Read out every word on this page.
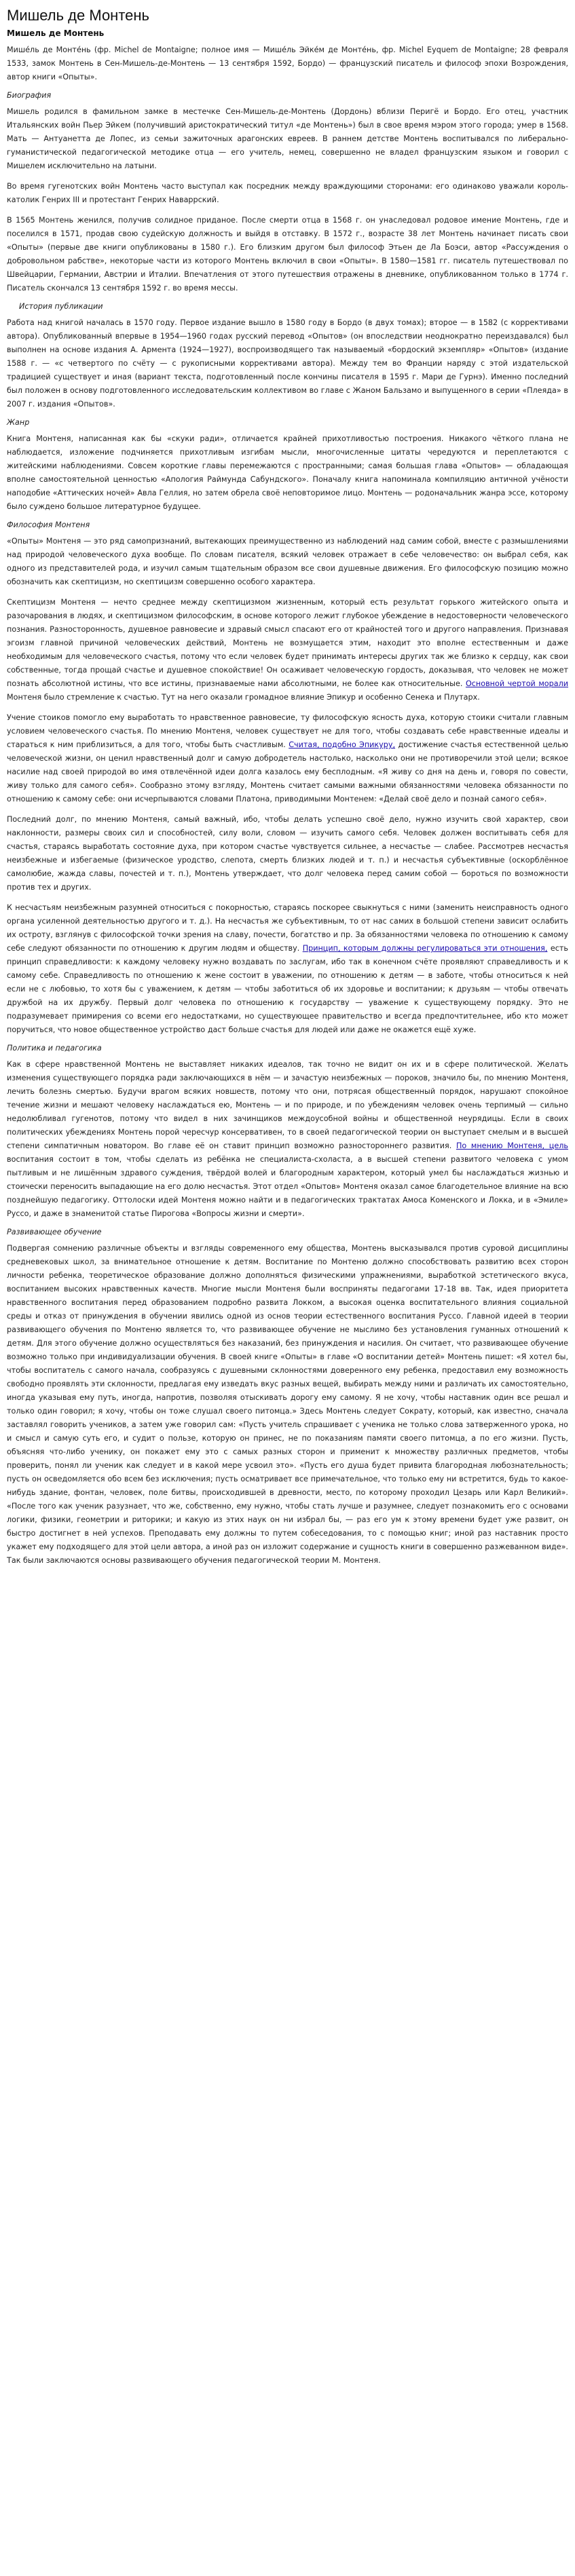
Мишель де Монтень
Мишель де Монтень

Мише́ль де Монте́нь (фр. Michel de Montaigne; полное имя — Мише́ль Эйке́м де Монте́нь, фр. Michel Eyquem de Montaigne; 28 февраля 1533, замок Монтень в Сен-Мишель-де-Монтень — 13 сентября 1592, Бордо) — французский писатель и философ эпохи Возрождения, автор книги «Опыты».

Биография

Мишель родился в фамильном замке в местечке Сен-Мишель-де-Монтень (Дордонь) вблизи Перигё и Бордо. Его отец, участник Итальянских войн Пьер Эйкем (получивший аристократический титул «де Монтень») был в свое время мэром этого города; умер в 1568. Мать — Антуанетта де Лопес, из семьи зажиточных арагонских евреев. В раннем детстве Монтень воспитывался по либерально-гуманистической педагогической методике отца — его учитель, немец, совершенно не владел французским языком и говорил с Мишелем исключительно на латыни.

Во время гугенотских войн Монтень часто выступал как посредник между враждующими сторонами: его одинаково уважали король-католик Генрих III и протестант Генрих Наваррский.

В 1565 Монтень женился, получив солидное приданое. После смерти отца в 1568 г. он унаследовал родовое имение Монтень, где и поселился в 1571, продав свою судейскую должность и выйдя в отставку. В 1572 г., возрасте 38 лет Монтень начинает писать свои «Опыты» (первые две книги опубликованы в 1580 г.). Его близким другом был философ Этьен де Ла Боэси, автор «Рассуждения о добровольном рабстве», некоторые части из которого Монтень включил в свои «Опыты». В 1580—1581 гг. писатель путешествовал по Швейцарии, Германии, Австрии и Италии. Впечатления от этого путешествия отражены в дневнике, опубликованном только в 1774 г. Писатель скончался 13 сентября 1592 г. во время мессы.

История публикации

Работа над книгой началась в 1570 году. Первое издание вышло в 1580 году в Бордо (в двух томах); второе — в 1582 (с коррективами автора). Опубликованный впервые в 1954—1960 годах русский перевод «Опытов» (он впоследствии неоднократно переиздавался) был выполнен на основе издания А. Армента (1924—1927), воспроизводящего так называемый «бордоский экземпляр» «Опытов» (издание 1588 г. — «с четвертого по счёту — с рукописными коррективами автора). Между тем во Франции наряду с этой издательской традицией существует и иная (вариант текста, подготовленный после кончины писателя в 1595 г. Мари де Гурнэ). Именно последний был положен в основу подготовленного исследовательским коллективом во главе с Жаном Бальзамо и выпущенного в серии «Плеяда» в 2007 г. издания «Опытов».

Жанр

Книга Монтеня, написанная как бы «скуки ради», отличается крайней прихотливостью построения. Никакого чёткого плана не наблюдается, изложение подчиняется прихотливым изгибам мысли, многочисленные цитаты чередуются и переплетаются с житейскими наблюдениями. Совсем короткие главы перемежаются с пространными; самая большая глава «Опытов» — обладающая вполне самостоятельной ценностью «Апология Раймунда Сабундского». Поначалу книга напоминала компиляцию античной учёности наподобие «Аттических ночей» Авла Геллия, но затем обрела своё неповторимое лицо. Монтень — родоначальник жанра эссе, которому было суждено большое литературное будущее.

Философия Монтеня

«Опыты» Монтеня — это ряд самопризнаний, вытекающих преимущественно из наблюдений над самим собой, вместе с размышлениями над природой человеческого духа вообще. По словам писателя, всякий человек отражает в себе человечество: он выбрал себя, как одного из представителей рода, и изучил самым тщательным образом все свои душевные движения. Его философскую позицию можно обозначить как скептицизм, но скептицизм совершенно особого характера.

Скептицизм Монтеня — нечто среднее между скептицизмом жизненным, который есть результат горького житейского опыта и разочарования в людях, и скептицизмом философским, в основе которого лежит глубокое убеждение в недостоверности человеческого познания. Разносторонность, душевное равновесие и здравый смысл спасают его от крайностей того и другого направления. Признавая эгоизм главной причиной человеческих действий, Монтень не возмущается этим, находит это вполне естественным и даже необходимым для человеческого счастья, потому что если человек будет принимать интересы других так же близко к сердцу, как свои собственные, тогда прощай счастье и душевное спокойствие! Он осаживает человеческую гордость, доказывая, что человек не может познать абсолютной истины, что все истины, признаваемые нами абсолютными, не более как относительные. Основной чертой морали Монтеня было стремление к счастью. Тут на него оказали громадное влияние Эпикур и особенно Сенека и Плутарх.

Учение стоиков помогло ему выработать то нравственное равновесие, ту философскую ясность духа, которую стоики считали главным условием человеческого счастья. По мнению Монтеня, человек существует не для того, чтобы создавать себе нравственные идеалы и стараться к ним приблизиться, а для того, чтобы быть счастливым. Считая, подобно Эпикуру, достижение счастья естественной целью человеческой жизни, он ценил нравственный долг и самую добродетель настолько, насколько они не противоречили этой цели; всякое насилие над своей природой во имя отвлечённой идеи долга казалось ему бесплодным. «Я живу со дня на день и, говоря по совести, живу только для самого себя». Сообразно этому взгляду, Монтень считает самыми важными обязанностями человека обязанности по отношению к самому себе: они исчерпываются словами Платона, приводимыми Монтенем: «Делай своё дело и познай самого себя».

Последний долг, по мнению Монтеня, самый важный, ибо, чтобы делать успешно своё дело, нужно изучить свой характер, свои наклонности, размеры своих сил и способностей, силу воли, словом — изучить самого себя. Человек должен воспитывать себя для счастья, стараясь выработать состояние духа, при котором счастье чувствуется сильнее, а несчастье — слабее. Рассмотрев несчастья неизбежные и избегаемые (физическое уродство, слепота, смерть близких людей и т. п.) и несчастья субъективные (оскорблённое самолюбие, жажда славы, почестей и т. п.), Монтень утверждает, что долг человека перед самим собой — бороться по возможности против тех и других.

К несчастьям неизбежным разумней относиться с покорностью, стараясь поскорее свыкнуться с ними (заменить неисправность одного органа усиленной деятельностью другого и т. д.). На несчастья же субъективным, то от нас самих в большой степени зависит ослабить их остроту, взглянув с философской точки зрения на славу, почести, богатство и пр. За обязанностями человека по отношению к самому себе следуют обязанности по отношению к другим людям и обществу. Принцип, которым должны регулироваться эти отношения, есть принцип справедливости: к каждому человеку нужно воздавать по заслугам, ибо так в конечном счёте проявляют справедливость и к самому себе. Справедливость по отношению к жене состоит в уважении, по отношению к детям — в заботе, чтобы относиться к ней если не с любовью, то хотя бы с уважением, к детям — чтобы заботиться об их здоровье и воспитании; к друзьям — чтобы отвечать дружбой на их дружбу. Первый долг человека по отношению к государству — уважение к существующему порядку. Это не подразумевает примирения со всеми его недостатками, но существующее правительство и всегда предпочтительнее, ибо кто может поручиться, что новое общественное устройство даст больше счастья для людей или даже не окажется ещё хуже.

Политика и педагогика

Как в сфере нравственной Монтень не выставляет никаких идеалов, так точно не видит он их и в сфере политической. Желать изменения существующего порядка ради заключающихся в нём — и зачастую неизбежных — пороков, значило бы, по мнению Монтеня, лечить болезнь смертью. Будучи врагом всяких новшеств, потому что они, потрясая общественный порядок, нарушают спокойное течение жизни и мешают человеку наслаждаться ею, Монтень — и по природе, и по убеждениям человек очень терпимый — сильно недолюбливал гугенотов, потому что видел в них зачинщиков междоусобной войны и общественной неурядицы. Если в своих политических убеждениях Монтень порой чересчур консервативен, то в своей педагогической теории он выступает смелым и в высшей степени симпатичным новатором. Во главе её он ставит принцип возможно разностороннего развития. По мнению Монтеня, цель воспитания состоит в том, чтобы сделать из ребёнка не специалиста-схоласта, а в высшей степени развитого человека с умом пытливым и не лишённым здравого суждения, твёрдой волей и благородным характером, который умел бы наслаждаться жизнью и стоически переносить выпадающие на его долю несчастья. Этот отдел «Опытов» Монтеня оказал самое благодетельное влияние на всю позднейшую педагогику. Оттолоски идей Монтеня можно найти и в педагогических трактатах Амоса Коменского и Локка, и в «Эмиле» Руссо, и даже в знаменитой статье Пирогова «Вопросы жизни и смерти».

Развивающее обучение

Подвергая сомнению различные объекты и взгляды современного ему общества, Монтень высказывался против суровой дисциплины средневековых школ, за внимательное отношение к детям. Воспитание по Монтеню должно способствовать развитию всех сторон личности ребенка, теоретическое образование должно дополняться физическими упражнениями, выработкой эстетического вкуса, воспитанием высоких нравственных качеств. Многие мысли Монтеня были восприняты педагогами 17-18 вв. Так, идея приоритета нравственного воспитания перед образованием подробно развита Локком, а высокая оценка воспитательного влияния социальной среды и отказ от принуждения в обучении явились одной из основ теории естественного воспитания Руссо. Главной идеей в теории развивающего обучения по Монтеню является то, что развивающее обучение не мыслимо без установления гуманных отношений к детям. Для этого обучение должно осуществляться без наказаний, без принуждения и насилия. Он считает, что развивающее обучение возможно только при индивидуализации обучения. В своей книге «Опыты» в главе «О воспитании детей» Монтень пишет: «Я хотел бы, чтобы воспитатель с самого начала, сообразуясь с душевными склонностями доверенного ему ребенка, предоставил ему возможность свободно проявлять эти склонности, предлагая ему изведать вкус разных вещей, выбирать между ними и различать их самостоятельно, иногда указывая ему путь, иногда, напротив, позволяя отыскивать дорогу ему самому. Я не хочу, чтобы наставник один все решал и только один говорил; я хочу, чтобы он тоже слушал своего питомца.» Здесь Монтень следует Сократу, который, как известно, сначала заставлял говорить учеников, а затем уже говорил сам: «Пусть учитель спрашивает с ученика не только слова затверженного урока, но и смысл и самую суть его, и судит о пользе, которую он принес, не по показаниям памяти своего питомца, а по его жизни. Пусть, объясняя что-либо ученику, он покажет ему это с самых разных сторон и применит к множеству различных предметов, чтобы проверить, понял ли ученик как следует и в какой мере усвоил это». «Пусть его душа будет привита благородная любознательность; пусть он осведомляется обо всем без исключения; пусть осматривает все примечательное, что только ему ни встретится, будь то какое-нибудь здание, фонтан, человек, поле битвы, происходившей в древности, место, по которому проходил Цезарь или Карл Великий». «После того как ученик разузнает, что же, собственно, ему нужно, чтобы стать лучше и разумнее, следует познакомить его с основами логики, физики, геометрии и риторики; и какую из этих наук он ни избрал бы, — раз его ум к этому времени будет уже развит, он быстро достигнет в ней успехов. Преподавать ему должны то путем собеседования, то с помощью книг; иной раз наставник просто укажет ему подходящего для этой цели автора, а иной раз он изложит содержание и сущность книги в совершенно разжеванном виде». Так были заключаются основы развивающего обучения педагогической теории М. Монтеня.
